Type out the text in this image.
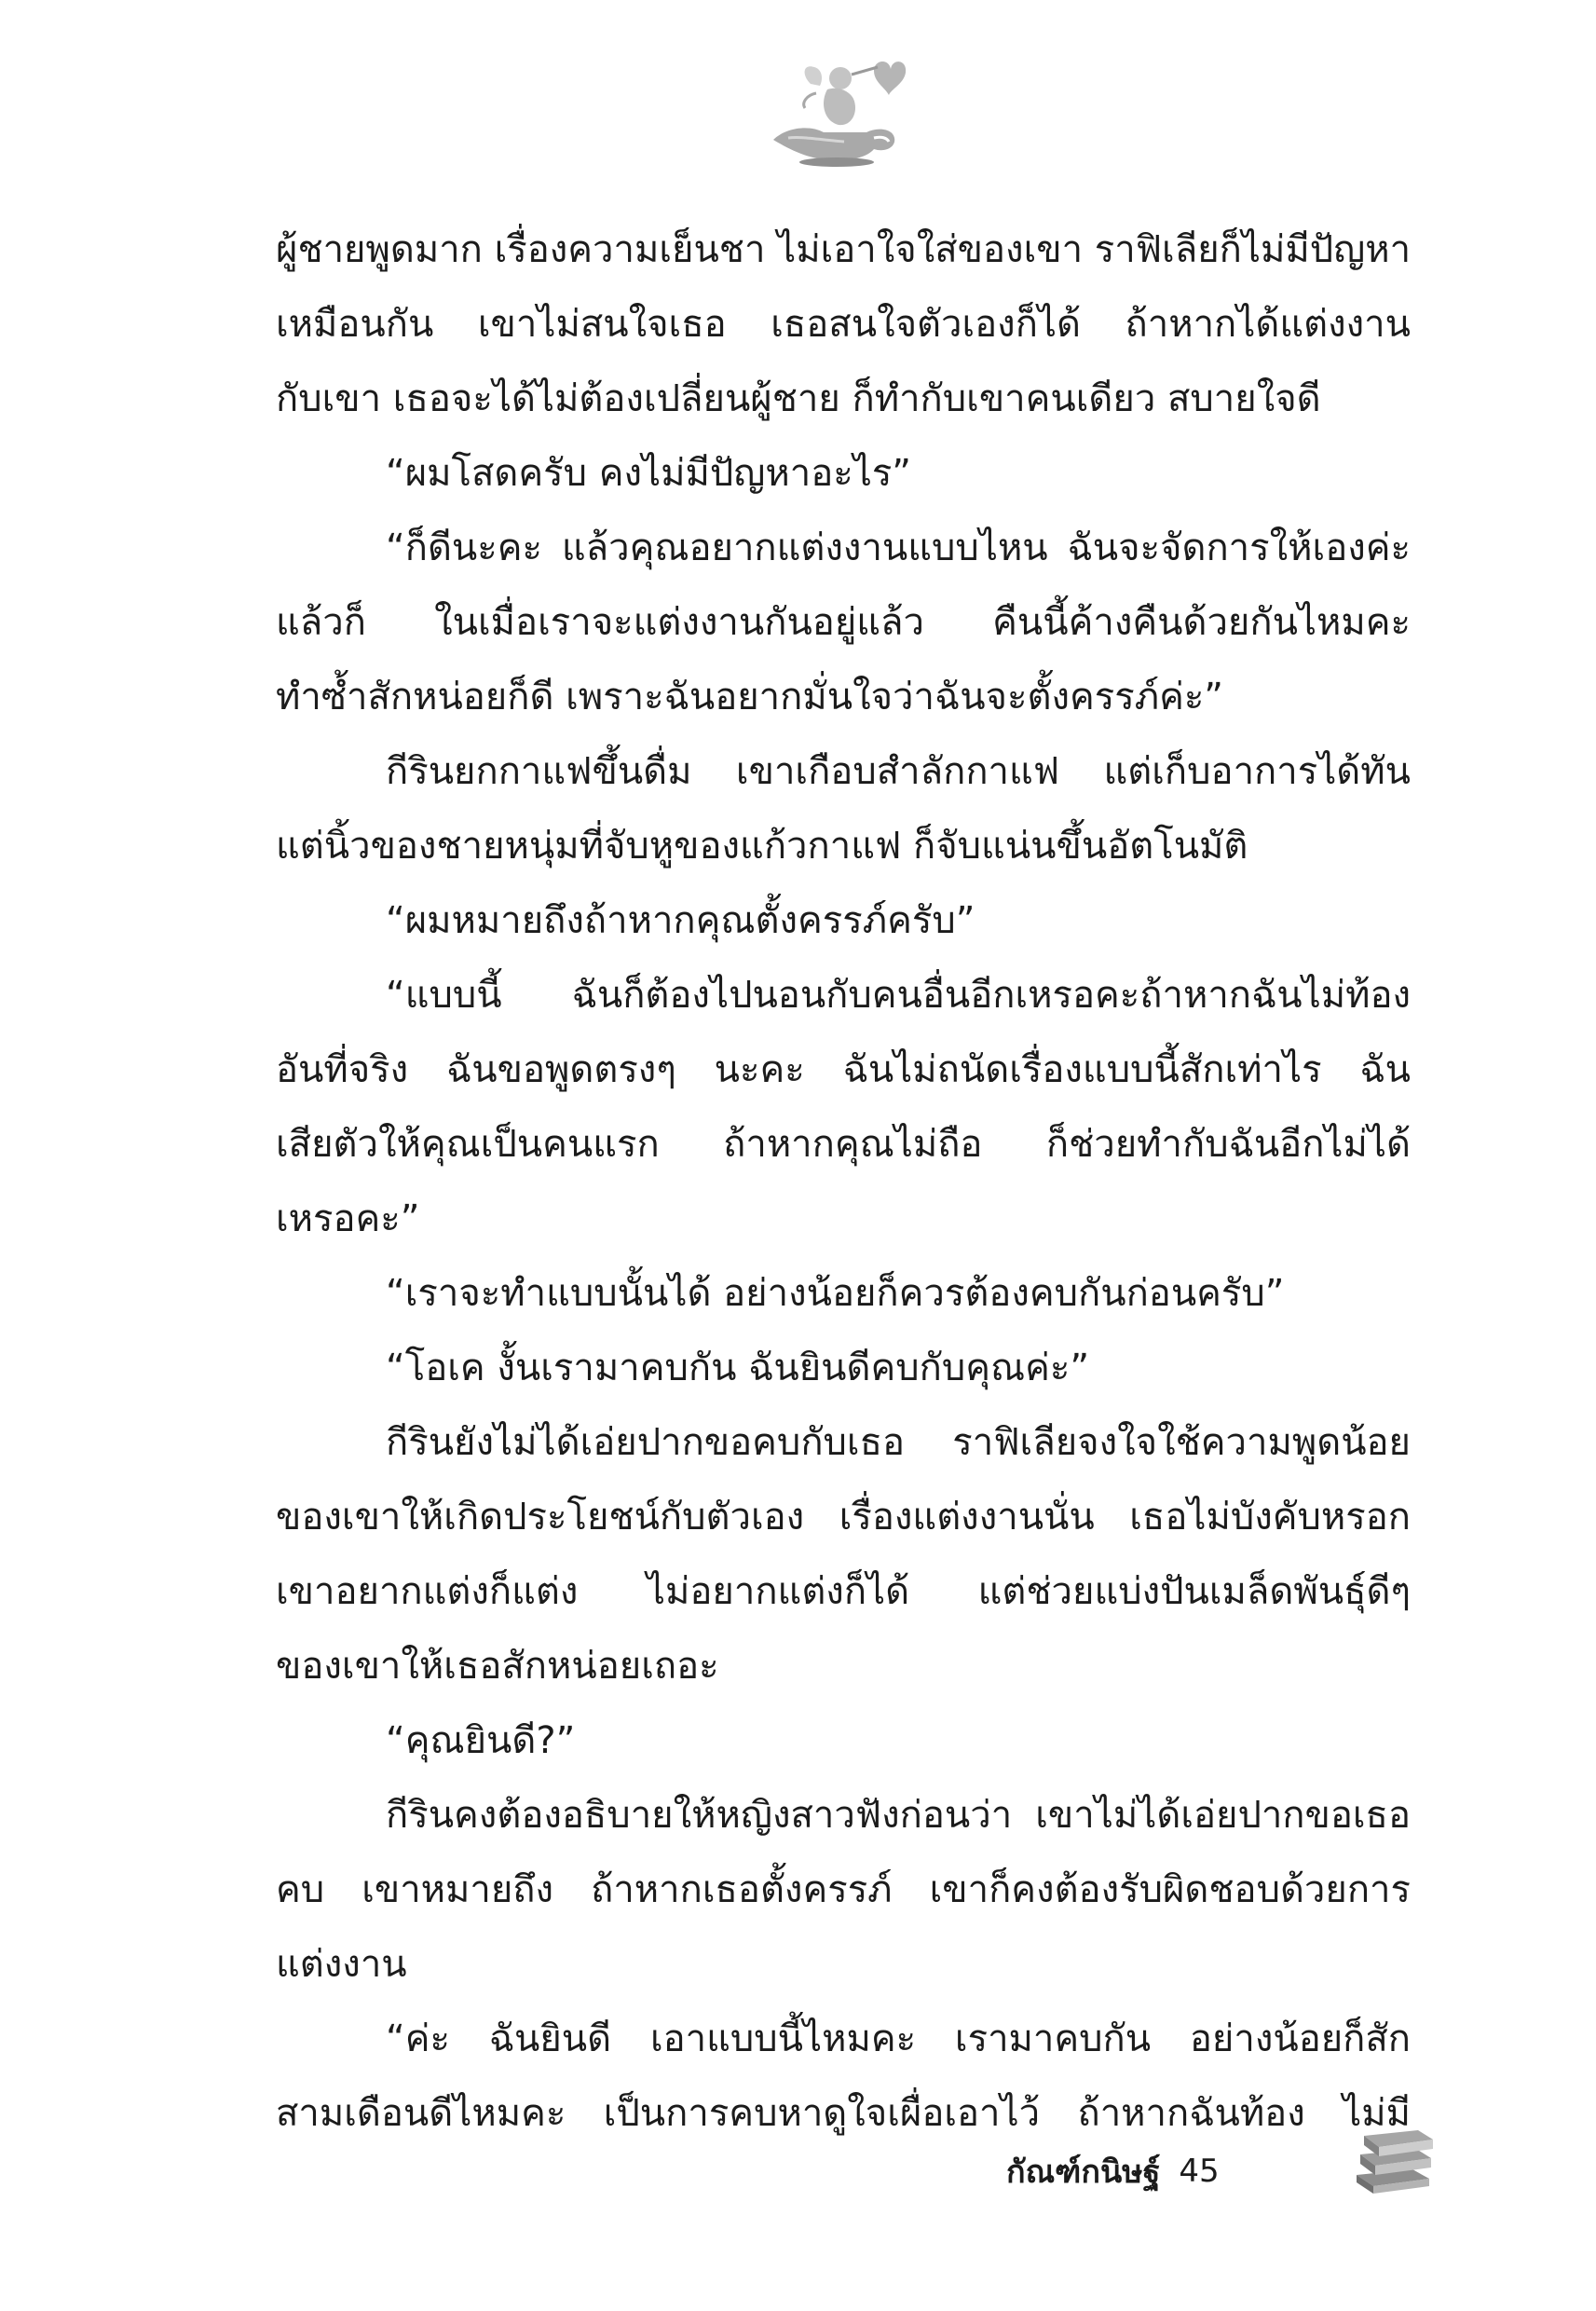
ผู้ชายพูดมาก เรื่องความเย็นชา ไม่เอาใจใส่ของเขา ราฟิเลียก็ไม่มีปัญหา

เหมือนกัน เขาไม่สนใจเธอ เธอสนใจตัวเองก็ได้ ถ้าหากได้แต่งงาน

กับเขา เธอจะได้ไม่ต้องเปลี่ยนผู้ชาย ก็ทำกับเขาคนเดียว สบายใจดี

“ผมโสดครับ คงไม่มีปัญหาอะไร”

“ก็ดีนะคะ แล้วคุณอยากแต่งงานแบบไหน ฉันจะจัดการให้เองค่ะ

แล้วก็ ในเมื่อเราจะแต่งงานกันอยู่แล้ว คืนนี้ค้างคืนด้วยกันไหมคะ

ทำซ้ำสักหน่อยก็ดี เพราะฉันอยากมั่นใจว่าฉันจะตั้งครรภ์ค่ะ”

กีรินยกกาแฟขึ้นดื่ม เขาเกือบสำลักกาแฟ แต่เก็บอาการได้ทัน

แต่นิ้วของชายหนุ่มที่จับหูของแก้วกาแฟ ก็จับแน่นขึ้นอัตโนมัติ

“ผมหมายถึงถ้าหากคุณตั้งครรภ์ครับ”

“แบบนี้ ฉันก็ต้องไปนอนกับคนอื่นอีกเหรอคะถ้าหากฉันไม่ท้อง

อันที่จริง ฉันขอพูดตรงๆ นะคะ ฉันไม่ถนัดเรื่องแบบนี้สักเท่าไร ฉัน

เสียตัวให้คุณเป็นคนแรก ถ้าหากคุณไม่ถือ ก็ช่วยทำกับฉันอีกไม่ได้

เหรอคะ”

“เราจะทำแบบนั้นได้ อย่างน้อยก็ควรต้องคบกันก่อนครับ”

“โอเค งั้นเรามาคบกัน ฉันยินดีคบกับคุณค่ะ”

กีรินยังไม่ได้เอ่ยปากขอคบกับเธอ ราฟิเลียจงใจใช้ความพูดน้อย

ของเขาให้เกิดประโยชน์กับตัวเอง เรื่องแต่งงานนั่น เธอไม่บังคับหรอก

เขาอยากแต่งก็แต่ง ไม่อยากแต่งก็ได้ แต่ช่วยแบ่งปันเมล็ดพันธุ์ดีๆ

ของเขาให้เธอสักหน่อยเถอะ

“คุณยินดี?”

กีรินคงต้องอธิบายให้หญิงสาวฟังก่อนว่า เขาไม่ได้เอ่ยปากขอเธอ

คบ เขาหมายถึง ถ้าหากเธอตั้งครรภ์ เขาก็คงต้องรับผิดชอบด้วยการ

แต่งงาน

“ค่ะ ฉันยินดี เอาแบบนี้ไหมคะ เรามาคบกัน อย่างน้อยก็สัก

สามเดือนดีไหมคะ เป็นการคบหาดูใจเผื่อเอาไว้ ถ้าหากฉันท้อง ไม่มี

กัณฑ์กนิษฐ์ 45
